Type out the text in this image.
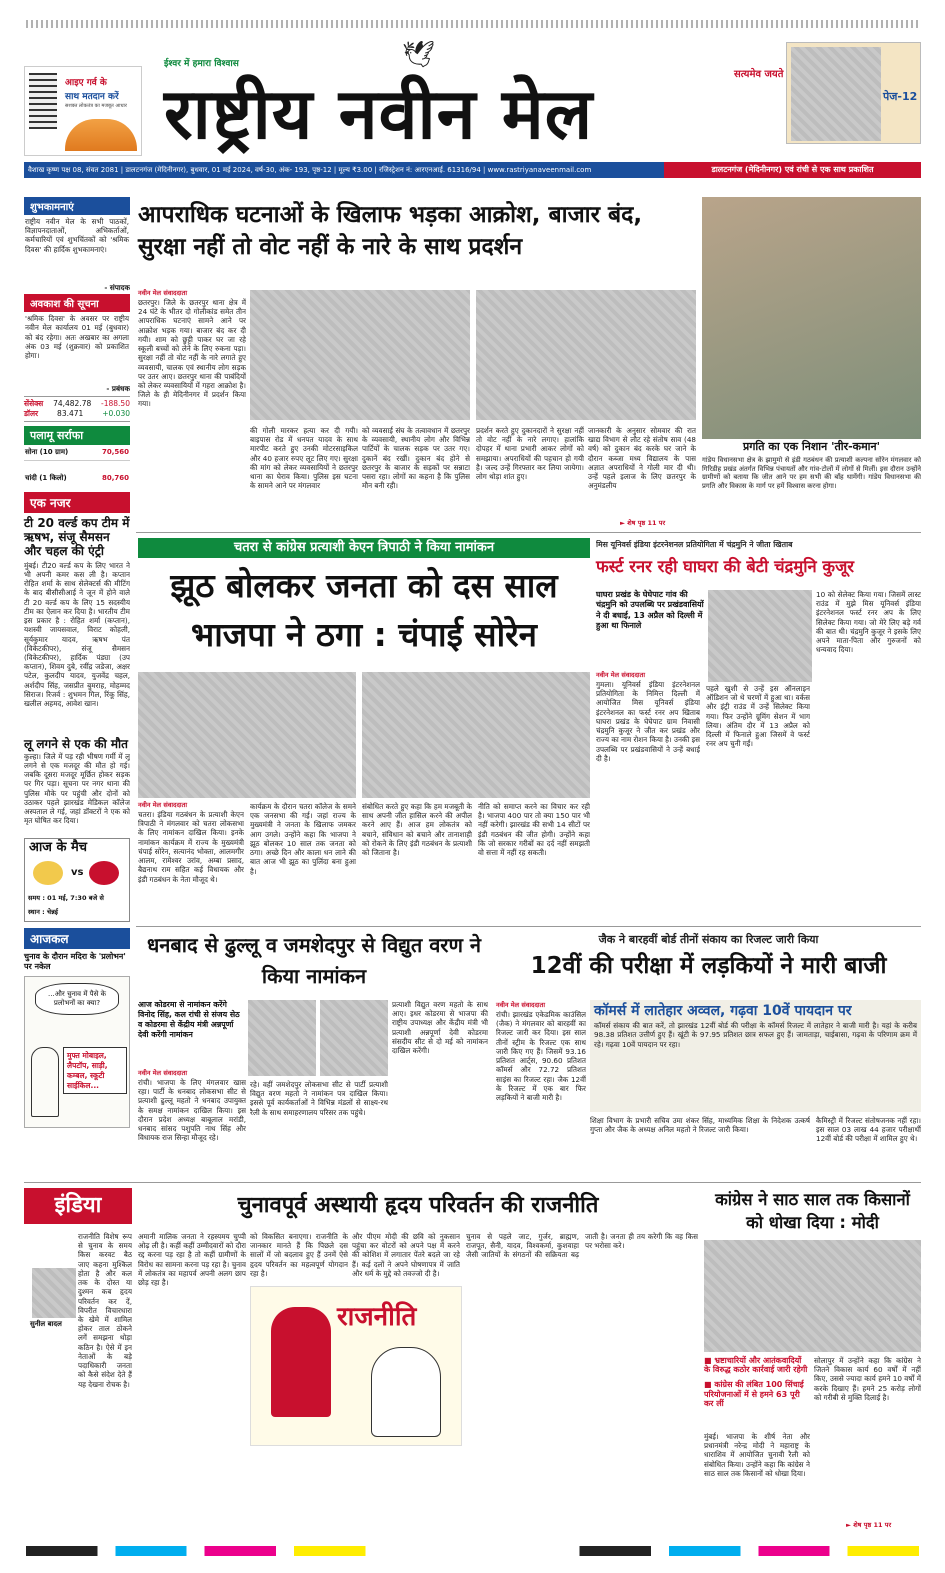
आइए गर्व के
साथ मतदान करें
सशक्त लोकतंत्र का मजबूत आधार
ईश्वर में हमारा विश्वास	🕊
राष्ट्रीय नवीन मेल	सत्यमेव जयते
पेज-12
वैशाख कृष्ण पक्ष 08, संवत 2081 | डालटनगंज (मेदिनीनगर), बुधवार, 01 मई 2024, वर्ष-30, अंक- 193, पृष्ठ-12 | मूल्य ₹3.00 | रजिस्ट्रेशन नं: आरएनआई. 61316/94 | www.rastriyanaveenmail.com	डालटनगंज (मेदिनीनगर) एवं रांची से एक साथ प्रकाशित
शुभकामनाएं
राष्ट्रीय नवीन मेल के सभी पाठकों, विज्ञापनदाताओं, अभिकर्ताओं, कर्मचारियों एवं शुभचिंतकों को 'श्रमिक दिवस' की हार्दिक शुभकामनाएं।
- संपादक
अवकाश की सूचना
'श्रमिक दिवस' के अवसर पर राष्ट्रीय नवीन मेल कार्यालय 01 मई (बुधवार) को बंद रहेगा। अतः अखबार का अगला अंक 03 मई (शुक्रवार) को प्रकाशित होगा।
- प्रबंधक
सेंसेक्स 74,482.78 -188.50
डॉलर	83.471	+0.030
पलामू सर्राफा
सोना (10 ग्राम)	70,560
चांदी (1 किलो)	80,760
एक नजर
टी 20 वर्ल्ड कप टीम में ऋषभ, संजू सैमसन और चहल की एंट्री
मुंबई। टी20 वर्ल्ड कप के लिए भारत ने भी अपनी कमर कस ली है। कप्तान रोहित शर्मा के साथ सेलेक्टर्स की मीटिंग के बाद बीसीसीआई ने जून में होने वाले टी 20 वर्ल्ड कप के लिए 15 सदस्यीय टीम का ऐलान कर दिया है। भारतीय टीम इस प्रकार है : रोहित शर्मा (कप्तान), यशस्वी जायसवाल, विराट कोहली, सूर्यकुमार यादव, ऋषभ पंत (विकेटकीपर), संजू सैमसन (विकेटकीपर), हार्दिक पंड्या (उप कप्तान), शिवम दुबे, रवींद्र जडेजा, अक्षर पटेल, कुलदीप यादव, युजवेंद्र चहल, अर्शदीप सिंह, जसप्रीत बुमराह, मोहम्मद सिराज। रिजर्व : शुभमन गिल, रिंकू सिंह, खलील अहमद, आवेश खान।
लू लगने से एक की मौत
कुल्हा। जिले में पड़ रही भीषण गर्मी में लू लगने से एक मजदूर की मौत हो गई। जबकि दूसरा मजदूर मूर्छित होकर सड़क पर गिर पड़ा। सूचना पर नगर थाना की पुलिस मौके पर पहुंची और दोनों को उठाकर पहले झारखंड मेडिकल कॉलेज अस्पताल ले गई, जहां डॉक्टरों ने एक को मृत घोषित कर दिया।
आज के मैच
vs
समय : 01 मई, 7:30 बजे से
स्थान : चेन्नई
आजकल
चुनाव के दौरान मदिरा के 'प्रलोभन' पर नकेल
...और चुनाव में पैसे के प्रलोभनों का क्या?
मुफ्त मोबाइल, लैपटॉप, साड़ी, कम्बल, स्कूटी साईकिल...
आपराधिक घटनाओं के खिलाफ भड़का आक्रोश, बाजार बंद, सुरक्षा नहीं तो वोट नहीं के नारे के साथ प्रदर्शन
नवीन मेल संवाददाता
छतरपुर। जिले के छतरपुर थाना क्षेत्र में 24 घंटे के भीतर दो गोलीकांड समेत तीन आपराधिक घटनाएं सामने आने पर आक्रोश भड़क गया। बाजार बंद कर दी गयी। शाम को छुट्टी पाकर घर जा रहे स्कूली बच्चों को लेने के लिए रुकना पड़ा। सुरक्षा नहीं तो वोट नहीं के नारे लगाते हुए व्यवसायी, चालक एवं स्थानीय लोग सड़क पर उतर आए। छतरपुर थाना की पाबंदियों को लेकर व्यवसायियों में गहरा आक्रोश है। जिले के ही मेदिनीनगर में प्रदर्शन किया गया।
की गोली मारकर हत्या कर दी गयी। बाइपास रोड में धनपत यादव के साथ मारपीट करते हुए उनकी मोटरसाइकिल और 40 हजार रुपए लूट लिए गए। सुरक्षा की मांग को लेकर व्यवसायियों ने छतरपुर थाना का घेराव किया। पुलिस इस घटना के सामने आने पर मंगलवार
को व्यवसाई संघ के तत्वावधान में छतरपुर के व्यवसायी, स्थानीय लोग और विभिन्न पार्टियों के चालक सड़क पर उतर गए। दुकानें बंद रखीं। दुकान बंद होने से छतरपुर के बाजार के सड़कों पर सन्नाटा पसरा रहा। लोगों का कहना है कि पुलिस मौन बनी रही।
प्रदर्शन करते हुए दुकानदारों ने सुरक्षा नहीं तो वोट नहीं के नारे लगाए। हालांकि दोपहर में थाना प्रभारी आकर लोगों को समझाया। अपराधियों की पहचान हो गयी है। जल्द उन्हें गिरफ्तार कर लिया जायेगा। लोग थोड़ा शांत हुए।
जानकारी के अनुसार सोमवार की रात खाद्य विभाग से लौट रहे संतोष साव (48 वर्ष) को दुकान बंद करके घर जाने के दौरान कब्जा मध्य विद्यालय के पास अज्ञात अपराधियों ने गोली मार दी थी। उन्हें पहले इलाज के लिए छतरपुर के अनुमंडलीय
► शेष पृष्ठ 11 पर
प्रगति का एक निशान 'तीर-कमान'
गांडेय विधानसभा क्षेत्र के झामुमो से इंडी गठबंधन की प्रत्याशी कल्पना सोरेन मंगलवार को गिरिडीह प्रखंड अंतर्गत विभिन्न पंचायतों और गांव-टोलों में लोगों से मिलीं। इस दौरान उन्होंने ग्रामीणों को बताया कि जीत आने पर हम सभी की बाँह थामेंगी। गांडेय विधानसभा की प्रगति और विकास के मार्ग पर हमें विश्वास करना होगा।
चतरा से कांग्रेस प्रत्याशी केएन त्रिपाठी ने किया नामांकन
झूठ बोलकर जनता को दस साल भाजपा ने ठगा : चंपाई सोरेन
नवीन मेल संवाददाता
चतरा। इंडिया गठबंधन के प्रत्याशी केएन त्रिपाठी ने मंगलवार को चतरा लोकसभा के लिए नामांकन दाखिल किया। इनके नामांकन कार्यक्रम में राज्य के मुख्यमंत्री चंपाई सोरेन, सत्यानंद भोक्ता, आलमगीर आलम, रामेश्वर उरांव, अम्बा प्रसाद, बैद्यनाथ राम सहित कई विधायक और इंडी गठबंधन के नेता मौजूद थे।
कार्यक्रम के दौरान चतरा कॉलेज के समने एक जनसभा की गई। जहां राज्य के मुख्यमंत्री ने जनता के खिलाफ जमकर आग उगले। उन्होंने कहा कि भाजपा ने झूठ बोलकर 10 साल तक जनता को ठगा। अच्छे दिन और काला धन लाने की बात आज भी झूठ का पुलिंदा बना हुआ है।
संबोधित करते हुए कहा कि हम मजबूती के साथ अपनी जीत हासिल करने की अपील करने आए हैं। आज हम लोकतंत्र को बचाने, संविधान को बचाने और तानाशाही को रोकने के लिए इंडी गठबंधन के प्रत्याशी को जिताना है।
नीति को समाप्त करने का विचार कर रही है। भाजपा 400 पार तो क्या 150 पार भी नहीं करेगी। झारखंड की सभी 14 सीटों पर इंडी गठबंधन की जीत होगी। उन्होंने कहा कि जो सरकार गरीबों का दर्द नहीं समझती वो सत्ता में नहीं रह सकती।
मिस यूनिवर्स इंडिया इंटरनेशनल प्रतियोगिता में चंद्रमुनि ने जीता खिताब
फर्स्ट रनर रही घाघरा की बेटी चंद्रमुनि कुजूर
घाघरा प्रखंड के घेघेपाट गांव की चंद्रमुनि को उपलब्धि पर प्रखंडवासियों ने दी बधाई, 13 अप्रैल को दिल्ली में हुआ था फिनाले
नवीन मेल संवाददाता
गुमला। यूनिवर्स इंडिया इंटरनेशनल प्रतियोगिता के निमित्त दिल्ली में आयोजित मिस यूनिवर्स इंडिया इंटरनेशनल का फर्स्ट रनर अप खिताब घाघरा प्रखंड के घेघेपाट ग्राम निवासी चंद्रमुनि कुजूर ने जीत कर प्रखंड और राज्य का नाम रोशन किया है। उनकी इस उपलब्धि पर प्रखंडवासियों ने उन्हें बधाई दी है।
पहले खुशी से उन्हें इस ऑनलाइन ऑडिशन जो थे चरणों में हुआ था। वर्कस और इंट्री राउंड में उन्हें सिलेक्ट किया गया। फिर उन्होंने ग्रूमिंग सेशन में भाग लिया। अंतिम दौर में 13 अप्रैल को दिल्ली में फिनाले हुआ जिसमें वे फर्स्ट रनर अप चुनी गईं।
10 को सेलेक्ट किया गया। जिसमें लास्ट राउंड में मुझे मिस यूनिवर्स इंडिया इंटरनेशनल फर्स्ट रनर अप के लिए सिलेक्ट किया गया। जो मेरे लिए बड़े गर्व की बात थी। चंद्रमुनि कुजूर ने इसके लिए अपने माता-पिता और गुरुजनों को धन्यवाद दिया।
धनबाद से ढुल्लू व जमशेदपुर से विद्युत वरण ने किया नामांकन
आज कोडरमा से नामांकन करेंगे विनोद सिंह, कल रांची से संजय सेठ व कोडरमा से केंद्रीय मंत्री अन्नपूर्णा देवी करेंगी नामांकन
नवीन मेल संवाददाता
रांची। भाजपा के लिए मंगलवार खास रहा। पार्टी के धनबाद लोकसभा सीट से प्रत्याशी ढुल्लू महतो ने धनबाद उपायुक्त के समक्ष नामांकन दाखिल किया। इस दौरान प्रदेश अध्यक्ष बाबूलाल मरांडी, धनबाद सांसद पशुपति नाथ सिंह और विधायक राज सिन्हा मौजूद रहे।
रहे। वहीं जमशेदपुर लोकसभा सीट से पार्टी प्रत्याशी विद्युत वरण महतो ने नामांकन पत्र दाखिल किया। इससे पूर्व कार्यकर्ताओं ने विभिन्न मंडलों से साक्ष्य-रथ रैली के साथ समाहरणालय परिसर तक पहुंचे।
प्रत्याशी विद्युत वरण महतो के साथ आए। इधर कोडरमा से भाजपा की राष्ट्रीय उपाध्यक्ष और केंद्रीय मंत्री भी प्रत्याशी अन्नपूर्णा देवी कोडरमा संसदीय सीट से दो मई को नामांकन दाखिल करेंगी।
जैक ने बारहवीं बोर्ड तीनों संकाय का रिजल्ट जारी किया
12वीं की परीक्षा में लड़कियों ने मारी बाजी
नवीन मेल संवाददाता
रांची। झारखंड एकेडमिक काउंसिल (जैक) ने मंगलवार को बारहवीं का रिजल्ट जारी कर दिया। इस साल तीनों स्ट्रीम के रिजल्ट एक साथ जारी किए गए हैं। जिसमें 93.16 प्रतिशत आर्ट्स, 90.60 प्रतिशत कॉमर्स और 72.72 प्रतिशत साइंस का रिजल्ट रहा। जैक 12वीं के रिजल्ट में एक बार फिर लड़कियों ने बाजी मारी है।
कॉमर्स में लातेहार अव्वल, गढ़वा 10वें पायदान पर
कॉमर्स संकाय की बात करें, तो झारखंड 12वीं बोर्ड की परीक्षा के कॉमर्स रिजल्ट में लातेहार ने बाजी मारी है। यहां के करीब 98.38 प्रतिशत उत्तीर्ण हुए हैं। खूंटी के 97.95 प्रतिशत छात्र सफल हुए हैं। जामताड़ा, चाईबासा, गढ़वा के परिणाम क्रम में रहे। गढ़वा 10वें पायदान पर रहा।
शिक्षा विभाग के प्रभारी सचिव उमा शंकर सिंह, माध्यमिक शिक्षा के निदेशक उत्कर्ष गुप्ता और जैक के अध्यक्ष अनिल महतो ने रिजल्ट जारी किया।
कैमिस्ट्री में रिजल्ट संतोषजनक नहीं रहा। इस साल 03 लाख 44 हजार परीक्षार्थी 12वीं बोर्ड की परीक्षा में शामिल हुए थे।
इंडिया	चुनावपूर्व अस्थायी हृदय परिवर्तन की राजनीति
सुनील बादल
राजनीति विशेष रूप से चुनाव के समय किस करवट बैठ जाए कहना मुश्किल होता है और कल तक के दोस्त या दुश्मन कब हृदय परिवर्तन कर दें, विपरीत विचारधारा के खेमे में शामिल होकर ताल ठोकने लगें समझना थोड़ा कठिन है। ऐसे में इन नेताओं के बड़े पदाधिकारी जनता को कैसे संदेश देते हैं यह देखना रोचक है।
अमानी मालिक जनता ने रहस्यमय चुप्पी ओढ़ ली है। कहीं कहीं उम्मीदवारों को दौरा रद्द करना पड़ रहा है तो कहीं ग्रामीणों के विरोध का सामना करना पड़ रहा है। चुनाव में लोकतंत्र का महापर्व अपनी अलग छाप छोड़ रहा है।
को विकसित बनाएगा। राजनीति के जानकार मानते हैं कि पिछले दस सालों में जो बदलाव हुए हैं उनमें ऐसे हृदय परिवर्तन का महत्वपूर्ण योगदान रहा है।
और पीएम मोदी की छवि को नुकसान पहुंचा कर वोटरों को अपने पक्ष में करने की कोशिश में लगातार पेंतरे बदले जा रहे हैं। कई दलों ने अपने घोषणापत्र में जाति और धर्म के मुद्दे को तवज्जो दी है।
राजनीति
चुनाव से पहले जाट, गुर्जर, ब्राह्मण, राजपूत, सैनी, यादव, विश्वकर्मा, कुशवाहा जैसी जातियों के संगठनों की सक्रियता बढ़ जाती है। जनता ही तय करेगी कि वह किस पर भरोसा करे।
कांग्रेस ने साठ साल तक किसानों को धोखा दिया : मोदी
■ भ्रष्टाचारियों और आतंकवादियों के विरुद्ध कठोर कार्रवाई जारी रहेगी
■ कांग्रेस की लंबित 100 सिंचाई परियोजनाओं में से हमने 63 पूरी कर लीं
मुंबई। भाजपा के शीर्ष नेता और प्रधानमंत्री नरेन्द्र मोदी ने महाराष्ट्र के धाराशिव में आयोजित चुनावी रैली को संबोधित किया। उन्होंने कहा कि कांग्रेस ने साठ साल तक किसानों को धोखा दिया।
सोलापुर में उन्होंने कहा कि कांग्रेस ने जितने विकास कार्य 60 वर्षों में नहीं किए, उससे ज्यादा कार्य हमने 10 वर्षों में करके दिखाए हैं। हमने 25 करोड़ लोगों को गरीबी से मुक्ति दिलाई है।
► शेष पृष्ठ 11 पर
